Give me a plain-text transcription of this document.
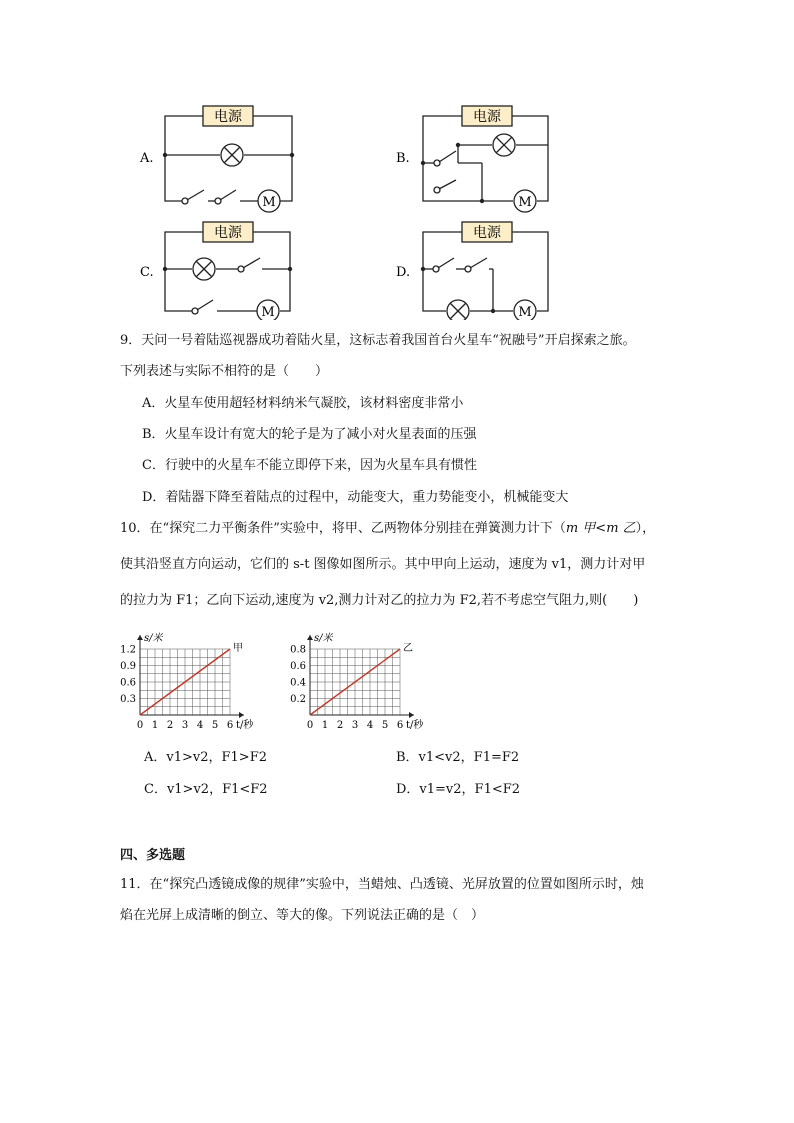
电源	电源
电源	电源
M	M
M	M
A.	B.
C.	D.
9．天问一号着陆巡视器成功着陆火星，这标志着我国首台火星车“祝融号”开启探索之旅。
下列表述与实际不相符的是（　　）
A．火星车使用超轻材料纳米气凝胶，该材料密度非常小
B．火星车设计有宽大的轮子是为了减小对火星表面的压强
C．行驶中的火星车不能立即停下来，因为火星车具有惯性
D．着陆器下降至着陆点的过程中，动能变大，重力势能变小，机械能变大
10．在“探究二力平衡条件”实验中，将甲、乙两物体分别挂在弹簧测力计下（m 甲<m 乙），
使其沿竖直方向运动，它们的 s-t 图像如图所示。其中甲向上运动，速度为 v1，测力计对甲
的拉力为 F1；乙向下运动,速度为 v2,测力计对乙的拉力为 F2,若不考虑空气阻力,则(　　)
0 1 2 3 4 5 6
0.3
0.6
0.9
1.2
s/米
t/秒
甲
0 1 2 3 4 5 6
0.2
0.4
0.6
0.8
s/米
t/秒
乙
A．v1>v2，F1>F2	B．v1<v2，F1=F2
C．v1>v2，F1<F2	D．v1=v2，F1<F2
四、多选题
11．在“探究凸透镜成像的规律”实验中，当蜡烛、凸透镜、光屏放置的位置如图所示时，烛
焰在光屏上成清晰的倒立、等大的像。下列说法正确的是（　）
